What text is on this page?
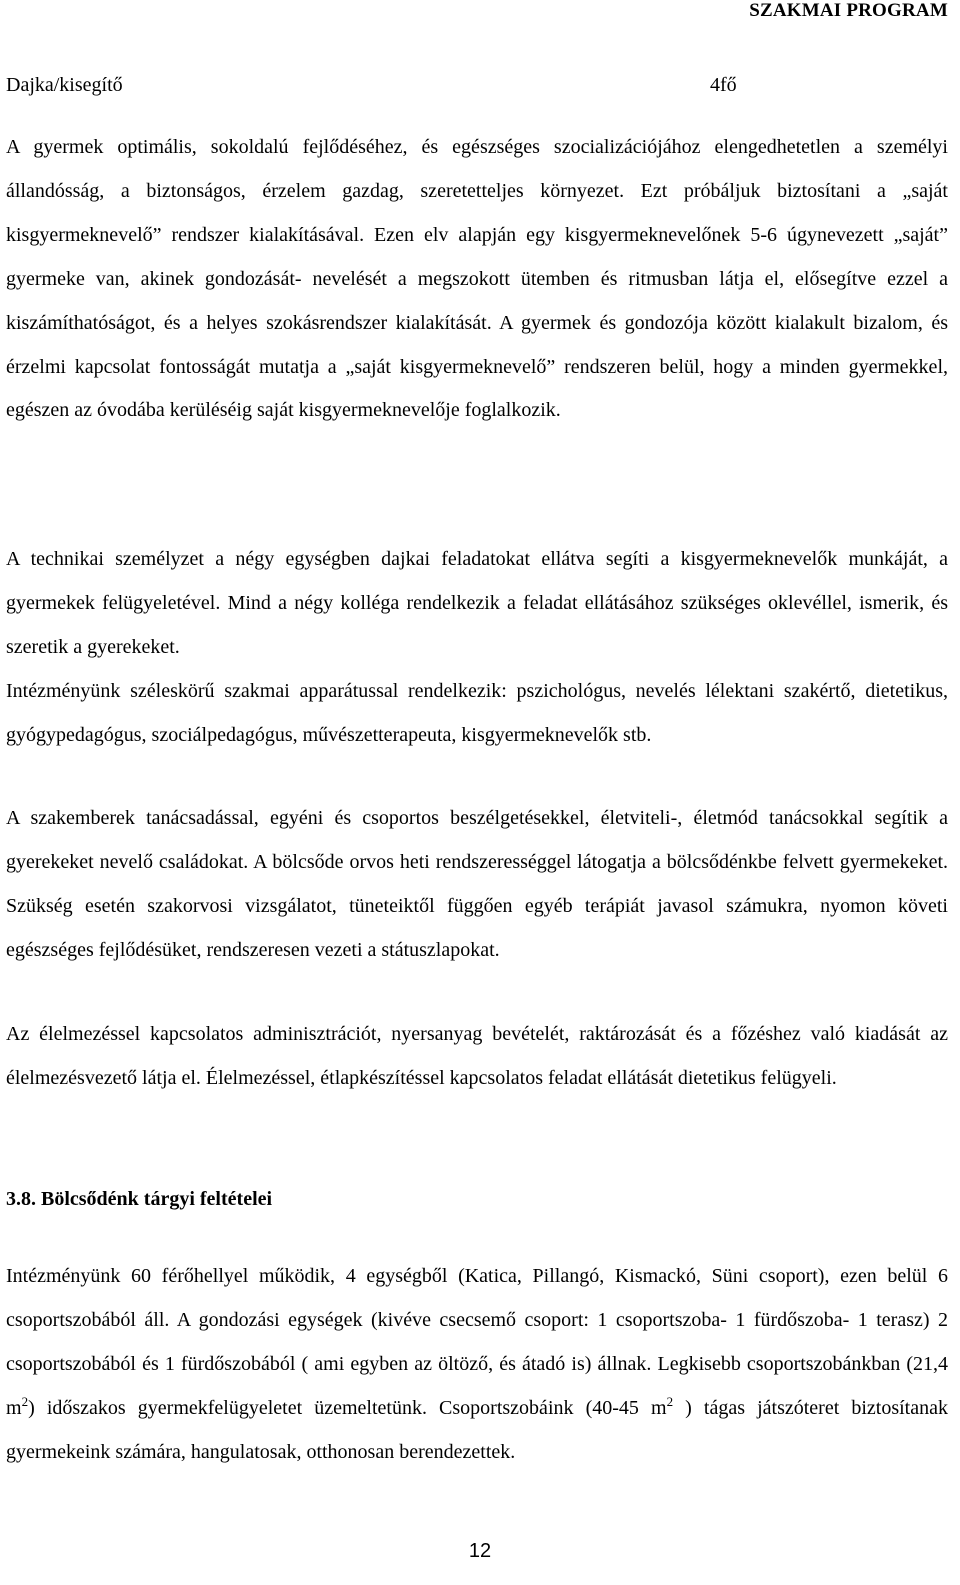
SZAKMAI PROGRAM
Dajka/kisegítő	4fő
A gyermek optimális, sokoldalú fejlődéséhez, és egészséges szocializációjához elengedhetetlen a személyi állandósság, a biztonságos, érzelem gazdag, szeretetteljes környezet. Ezt próbáljuk biztosítani a „saját kisgyermeknevelő” rendszer kialakításával. Ezen elv alapján egy kisgyermeknevelőnek 5-6 úgynevezett „saját” gyermeke van, akinek gondozását- nevelését a megszokott ütemben és ritmusban látja el, elősegítve ezzel a kiszámíthatóságot, és a helyes szokásrendszer kialakítását. A gyermek és gondozója között kialakult bizalom, és érzelmi kapcsolat fontosságát mutatja a „saját kisgyermeknevelő” rendszeren belül, hogy a minden gyermekkel, egészen az óvodába kerüléséig saját kisgyermeknevelője foglalkozik.
A technikai személyzet a négy egységben dajkai feladatokat ellátva segíti a kisgyermeknevelők munkáját, a gyermekek felügyeletével. Mind a négy kolléga rendelkezik a feladat ellátásához szükséges oklevéllel, ismerik, és szeretik a gyerekeket.
Intézményünk széleskörű szakmai apparátussal rendelkezik: pszichológus, nevelés lélektani szakértő, dietetikus, gyógypedagógus, szociálpedagógus, művészetterapeuta, kisgyermeknevelők stb.
A szakemberek tanácsadással, egyéni és csoportos beszélgetésekkel, életviteli-, életmód tanácsokkal segítik a gyerekeket nevelő családokat. A bölcsőde orvos heti rendszerességgel látogatja a bölcsődénkbe felvett gyermekeket. Szükség esetén szakorvosi vizsgálatot, tüneteiktől függően egyéb terápiát javasol számukra, nyomon követi egészséges fejlődésüket, rendszeresen vezeti a státuszlapokat.
Az élelmezéssel kapcsolatos adminisztrációt, nyersanyag bevételét, raktározását és a főzéshez való kiadását az élelmezésvezető látja el. Élelmezéssel, étlapkészítéssel kapcsolatos feladat ellátását dietetikus felügyeli.
3.8. Bölcsődénk tárgyi feltételei
Intézményünk 60 férőhellyel működik, 4 egységből (Katica, Pillangó, Kismackó, Süni csoport), ezen belül 6 csoportszobából áll. A gondozási egységek (kivéve csecsemő csoport: 1 csoportszoba- 1 fürdőszoba- 1 terasz) 2 csoportszobából és 1 fürdőszobából ( ami egyben az öltöző, és átadó is) állnak. Legkisebb csoportszobánkban (21,4 $m^2$) időszakos gyermekfelügyeletet üzemeltetünk. Csoportszobáink (40-45 $m^2$ ) tágas játszóteret biztosítanak gyermekeink számára, hangulatosak, otthonosan berendezettek.
12
